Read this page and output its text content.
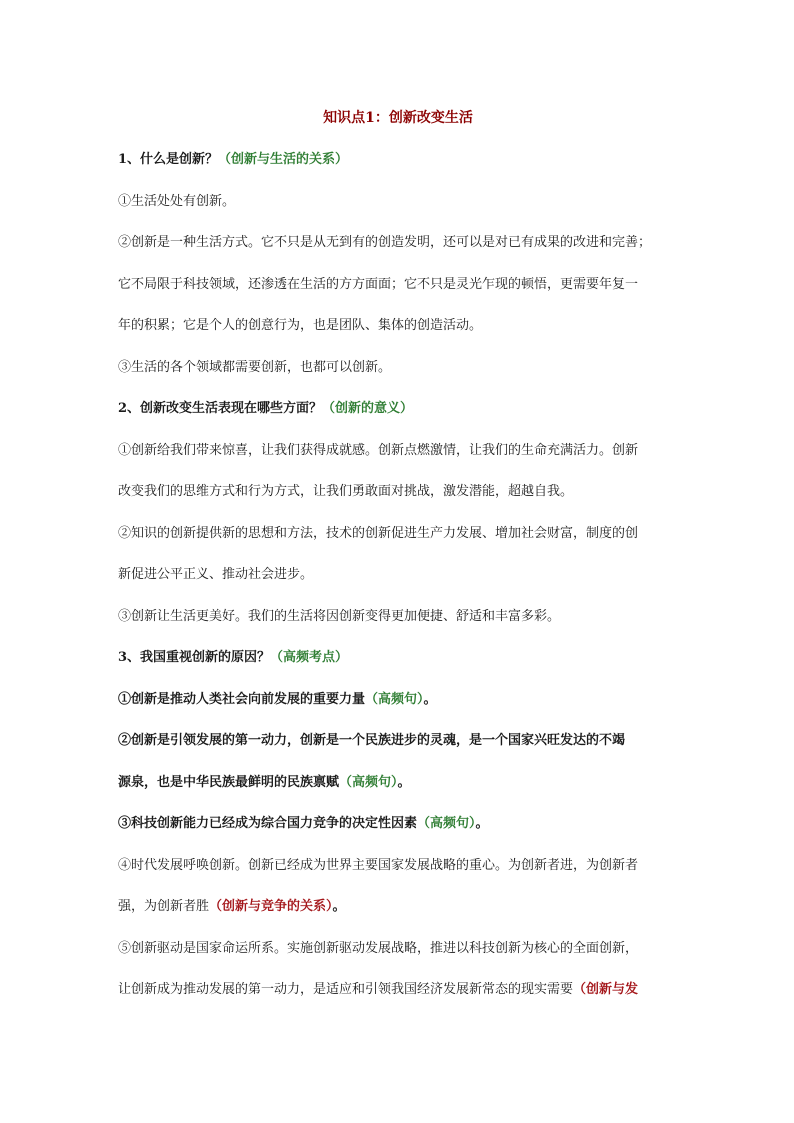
知识点1：创新改变生活
1、什么是创新？（创新与生活的关系）
①生活处处有创新。
②创新是一种生活方式。它不只是从无到有的创造发明，还可以是对已有成果的改进和完善；
它不局限于科技领域，还渗透在生活的方方面面；它不只是灵光乍现的顿悟，更需要年复一
年的积累；它是个人的创意行为，也是团队、集体的创造活动。
③生活的各个领域都需要创新，也都可以创新。
2、创新改变生活表现在哪些方面？（创新的意义）
①创新给我们带来惊喜，让我们获得成就感。创新点燃激情，让我们的生命充满活力。创新
改变我们的思维方式和行为方式，让我们勇敢面对挑战，激发潜能，超越自我。
②知识的创新提供新的思想和方法，技术的创新促进生产力发展、增加社会财富，制度的创
新促进公平正义、推动社会进步。
③创新让生活更美好。我们的生活将因创新变得更加便捷、舒适和丰富多彩。
3、我国重视创新的原因？（高频考点）
①创新是推动人类社会向前发展的重要力量（高频句）。
②创新是引领发展的第一动力，创新是一个民族进步的灵魂，是一个国家兴旺发达的不竭
源泉，也是中华民族最鲜明的民族禀赋（高频句）。
③科技创新能力已经成为综合国力竞争的决定性因素（高频句）。
④时代发展呼唤创新。创新已经成为世界主要国家发展战略的重心。为创新者进，为创新者
强，为创新者胜（创新与竞争的关系）。
⑤创新驱动是国家命运所系。实施创新驱动发展战略，推进以科技创新为核心的全面创新，
让创新成为推动发展的第一动力，是适应和引领我国经济发展新常态的现实需要（创新与发
